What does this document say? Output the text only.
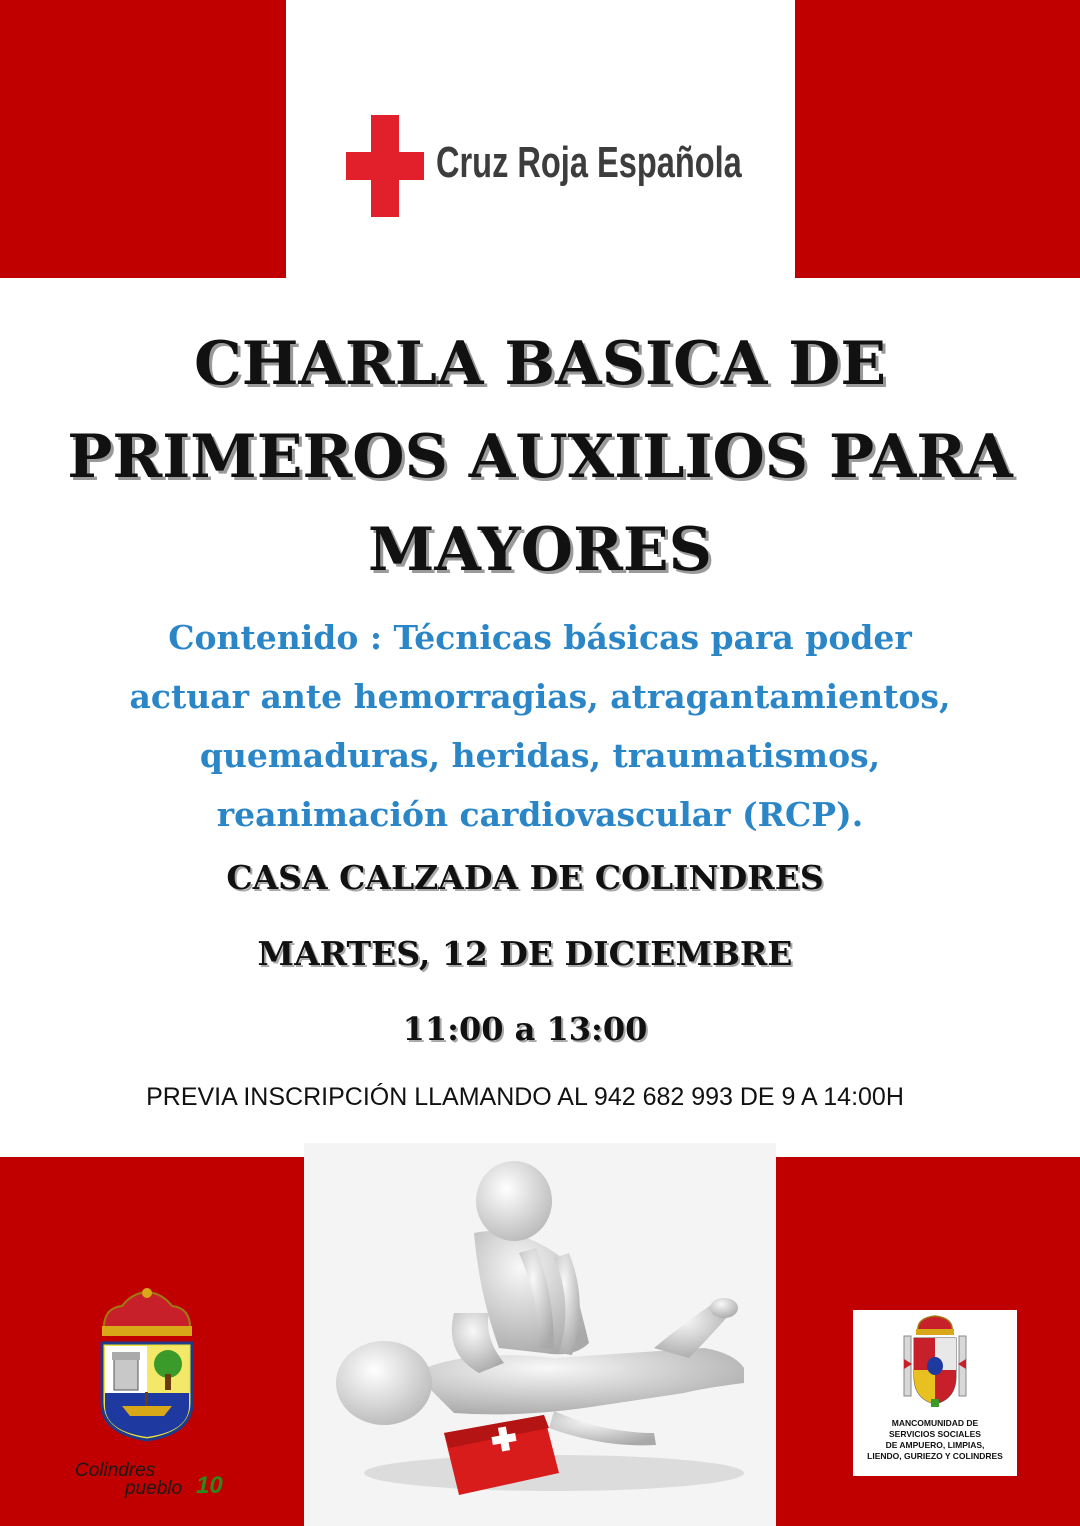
Cruz Roja Española
CHARLA BASICA DE
PRIMEROS AUXILIOS PARA
MAYORES
Contenido : Técnicas básicas para poder
actuar ante hemorragias, atragantamientos,
quemaduras, heridas, traumatismos,
reanimación cardiovascular (RCP).
CASA CALZADA DE COLINDRES
MARTES, 12 DE DICIEMBRE
11:00 a 13:00
PREVIA INSCRIPCIÓN LLAMANDO AL 942 682 993 DE 9 A 14:00H
Colindres
pueblo 10
MANCOMUNIDAD DE
SERVICIOS SOCIALES
DE AMPUERO, LIMPIAS,
LIENDO, GURIEZO Y COLINDRES
